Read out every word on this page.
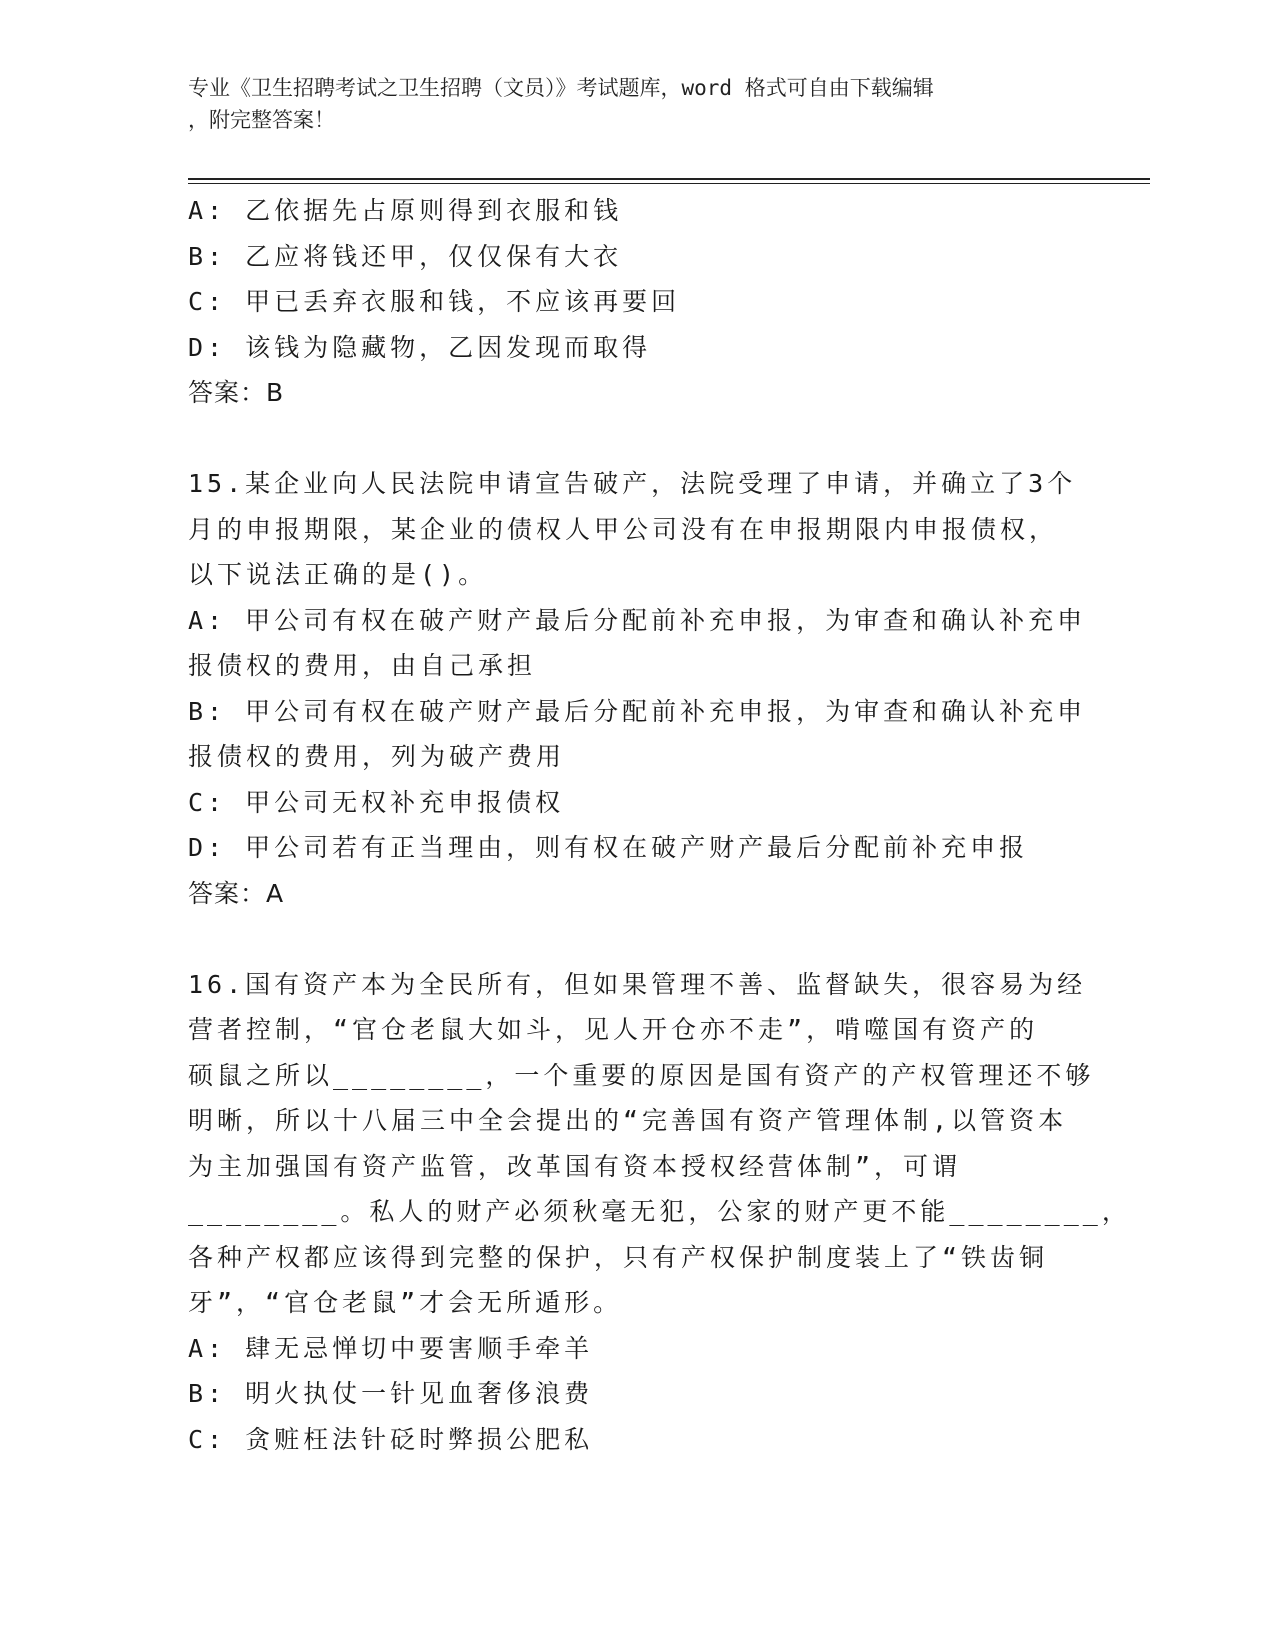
专业《卫生招聘考试之卫生招聘（文员）》考试题库，word 格式可自由下载编辑
，附完整答案！
A: 乙依据先占原则得到衣服和钱
B: 乙应将钱还甲，仅仅保有大衣
C: 甲已丢弃衣服和钱，不应该再要回
D: 该钱为隐藏物，乙因发现而取得
答案：B
15.某企业向人民法院申请宣告破产，法院受理了申请，并确立了3个
月的申报期限，某企业的债权人甲公司没有在申报期限内申报债权，
以下说法正确的是()。
A: 甲公司有权在破产财产最后分配前补充申报，为审查和确认补充申
报债权的费用，由自己承担
B: 甲公司有权在破产财产最后分配前补充申报，为审查和确认补充申
报债权的费用，列为破产费用
C: 甲公司无权补充申报债权
D: 甲公司若有正当理由，则有权在破产财产最后分配前补充申报
答案：A
16.国有资产本为全民所有，但如果管理不善、监督缺失，很容易为经
营者控制，“官仓老鼠大如斗，见人开仓亦不走”，啃噬国有资产的
硕鼠之所以________，一个重要的原因是国有资产的产权管理还不够
明晰，所以十八届三中全会提出的“完善国有资产管理体制,以管资本
为主加强国有资产监管，改革国有资本授权经营体制”，可谓
________。私人的财产必须秋毫无犯，公家的财产更不能________，
各种产权都应该得到完整的保护，只有产权保护制度装上了“铁齿铜
牙”，“官仓老鼠”才会无所遁形。
A: 肆无忌惮切中要害顺手牵羊
B: 明火执仗一针见血奢侈浪费
C: 贪赃枉法针砭时弊损公肥私
